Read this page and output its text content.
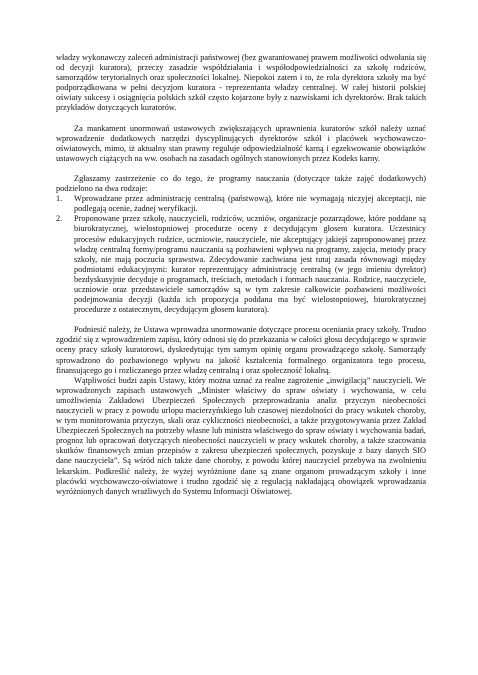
władzy wykonawczy zaleceń administracji państwowej (bez gwarantowanej prawem możliwości odwołania się od decyzji kuratora), przeczy zasadzie współdziałania i współodpowiedzialności za szkołę rodziców, samorządów terytorialnych oraz społeczności lokalnej. Niepokoi zatem i to, że rola dyrektora szkoły ma być podporządkowana w pełni decyzjom kuratora - reprezentanta władzy centralnej. W całej historii polskiej oświaty sukcesy i osiągnięcia polskich szkół często kojarzone były z nazwiskami ich dyrektorów. Brak takich przykładów dotyczących kuratorów.

Za mankament unormowań ustawowych zwiększających uprawnienia kuratorów szkół należy uznać wprowadzenie dodatkowych narzędzi dyscyplinujących dyrektorów szkół i placówek wychowawczo-oświatowych, mimo, iż aktualny stan prawny reguluje odpowiedzialność karną i egzekwowanie obowiązków ustawowych ciążących na ww. osobach na zasadach ogólnych stanowionych przez Kodeks karny.

Zgłaszamy zastrzeżenie co do tego, że programy nauczania (dotyczące także zajęć dodatkowych) podzielono na dwa rodzaje:

1. Wprowadzane przez administrację centralną (państwową), które nie wymagają niczyjej akceptacji, nie podlegają ocenie, żadnej weryfikacji.
2. Proponowane przez szkołę, nauczycieli, rodziców, uczniów, organizacje pozarządowe, które poddane są biurokratycznej, wielostopniowej procedurze oceny z decydującym głosem kuratora. Uczestnicy procesów edukacyjnych rodzice, uczniowie, nauczyciele, nie akceptujący jakiejś zaproponowanej przez władzę centralną formy/programu nauczania są pozbawieni wpływu na programy, zajęcia, metody pracy szkoły, nie mają poczucia sprawstwa. Zdecydowanie zachwiana jest tutaj zasada równowagi między podmiotami edukacyjnymi: kurator reprezentujący administrację centralną (w jego imieniu dyrektor) bezdyskusyjnie decyduje o programach, treściach, metodach i formach nauczania. Rodzice, nauczyciele, uczniowie oraz przedstawiciele samorządów są w tym zakresie całkowicie pozbawieni możliwości podejmowania decyzji (każda ich propozycja poddana ma być wielostopniowej, biurokratycznej procedurze z ostatecznym, decydującym głosem kuratora).

Podniesić należy, że Ustawa wprowadza unormowanie dotyczące procesu oceniania pracy szkoły. Trudno zgodzić się z wprowadzeniem zapisu, który odnosi się do przekazania w całości głosu decydującego w sprawie oceny pracy szkoły kuratorowi, dyskredytując tym samym opinię organu prowadzącego szkołę. Samorządy sprowadzono do pozbawionego wpływu na jakość kształcenia formalnego organizatora tego procesu, finansującego go i rozliczanego przez władzę centralną i oraz społeczność lokalną.

Wątpliwości budzi zapis Ustawy, który można uznać za realne zagrożenie „inwigilacją” nauczycieli. We wprowadzonych zapisach ustawowych „Minister właściwy do spraw oświaty i wychowania, w celu umożliwienia Zakładowi Ubezpieczeń Społecznych przeprowadzania analiz przyczyn nieobecności nauczycieli w pracy z powodu urlopu macierzyńskiego lub czasowej niezdolności do pracy wskutek choroby, w tym monitorowania przyczyn, skali oraz cykliczności nieobecności, a także przygotowywania przez Zakład Ubezpieczeń Społecznych na potrzeby własne lub ministra właściwego do spraw oświaty i wychowania badań, prognoz lub opracowań dotyczących nieobecności nauczycieli w pracy wskutek choroby, a także szacowania skutków finansowych zmian przepisów z zakresu ubezpieczeń społecznych, pozyskuje z bazy danych SIO dane nauczyciela”. Są wśród nich także dane choroby, z powodu której nauczyciel przebywa na zwolnieniu lekarskim. Podkreślić należy, że wyżej wyróżnione dane są znane organom prowadzącym szkoły i inne placówki wychowawczo-oświatowe i trudno zgodzić się z regulacją nakładającą obowiązek wprowadzania wyróżnionych danych wrażliwych do Systemu Informacji Oświatowej.
